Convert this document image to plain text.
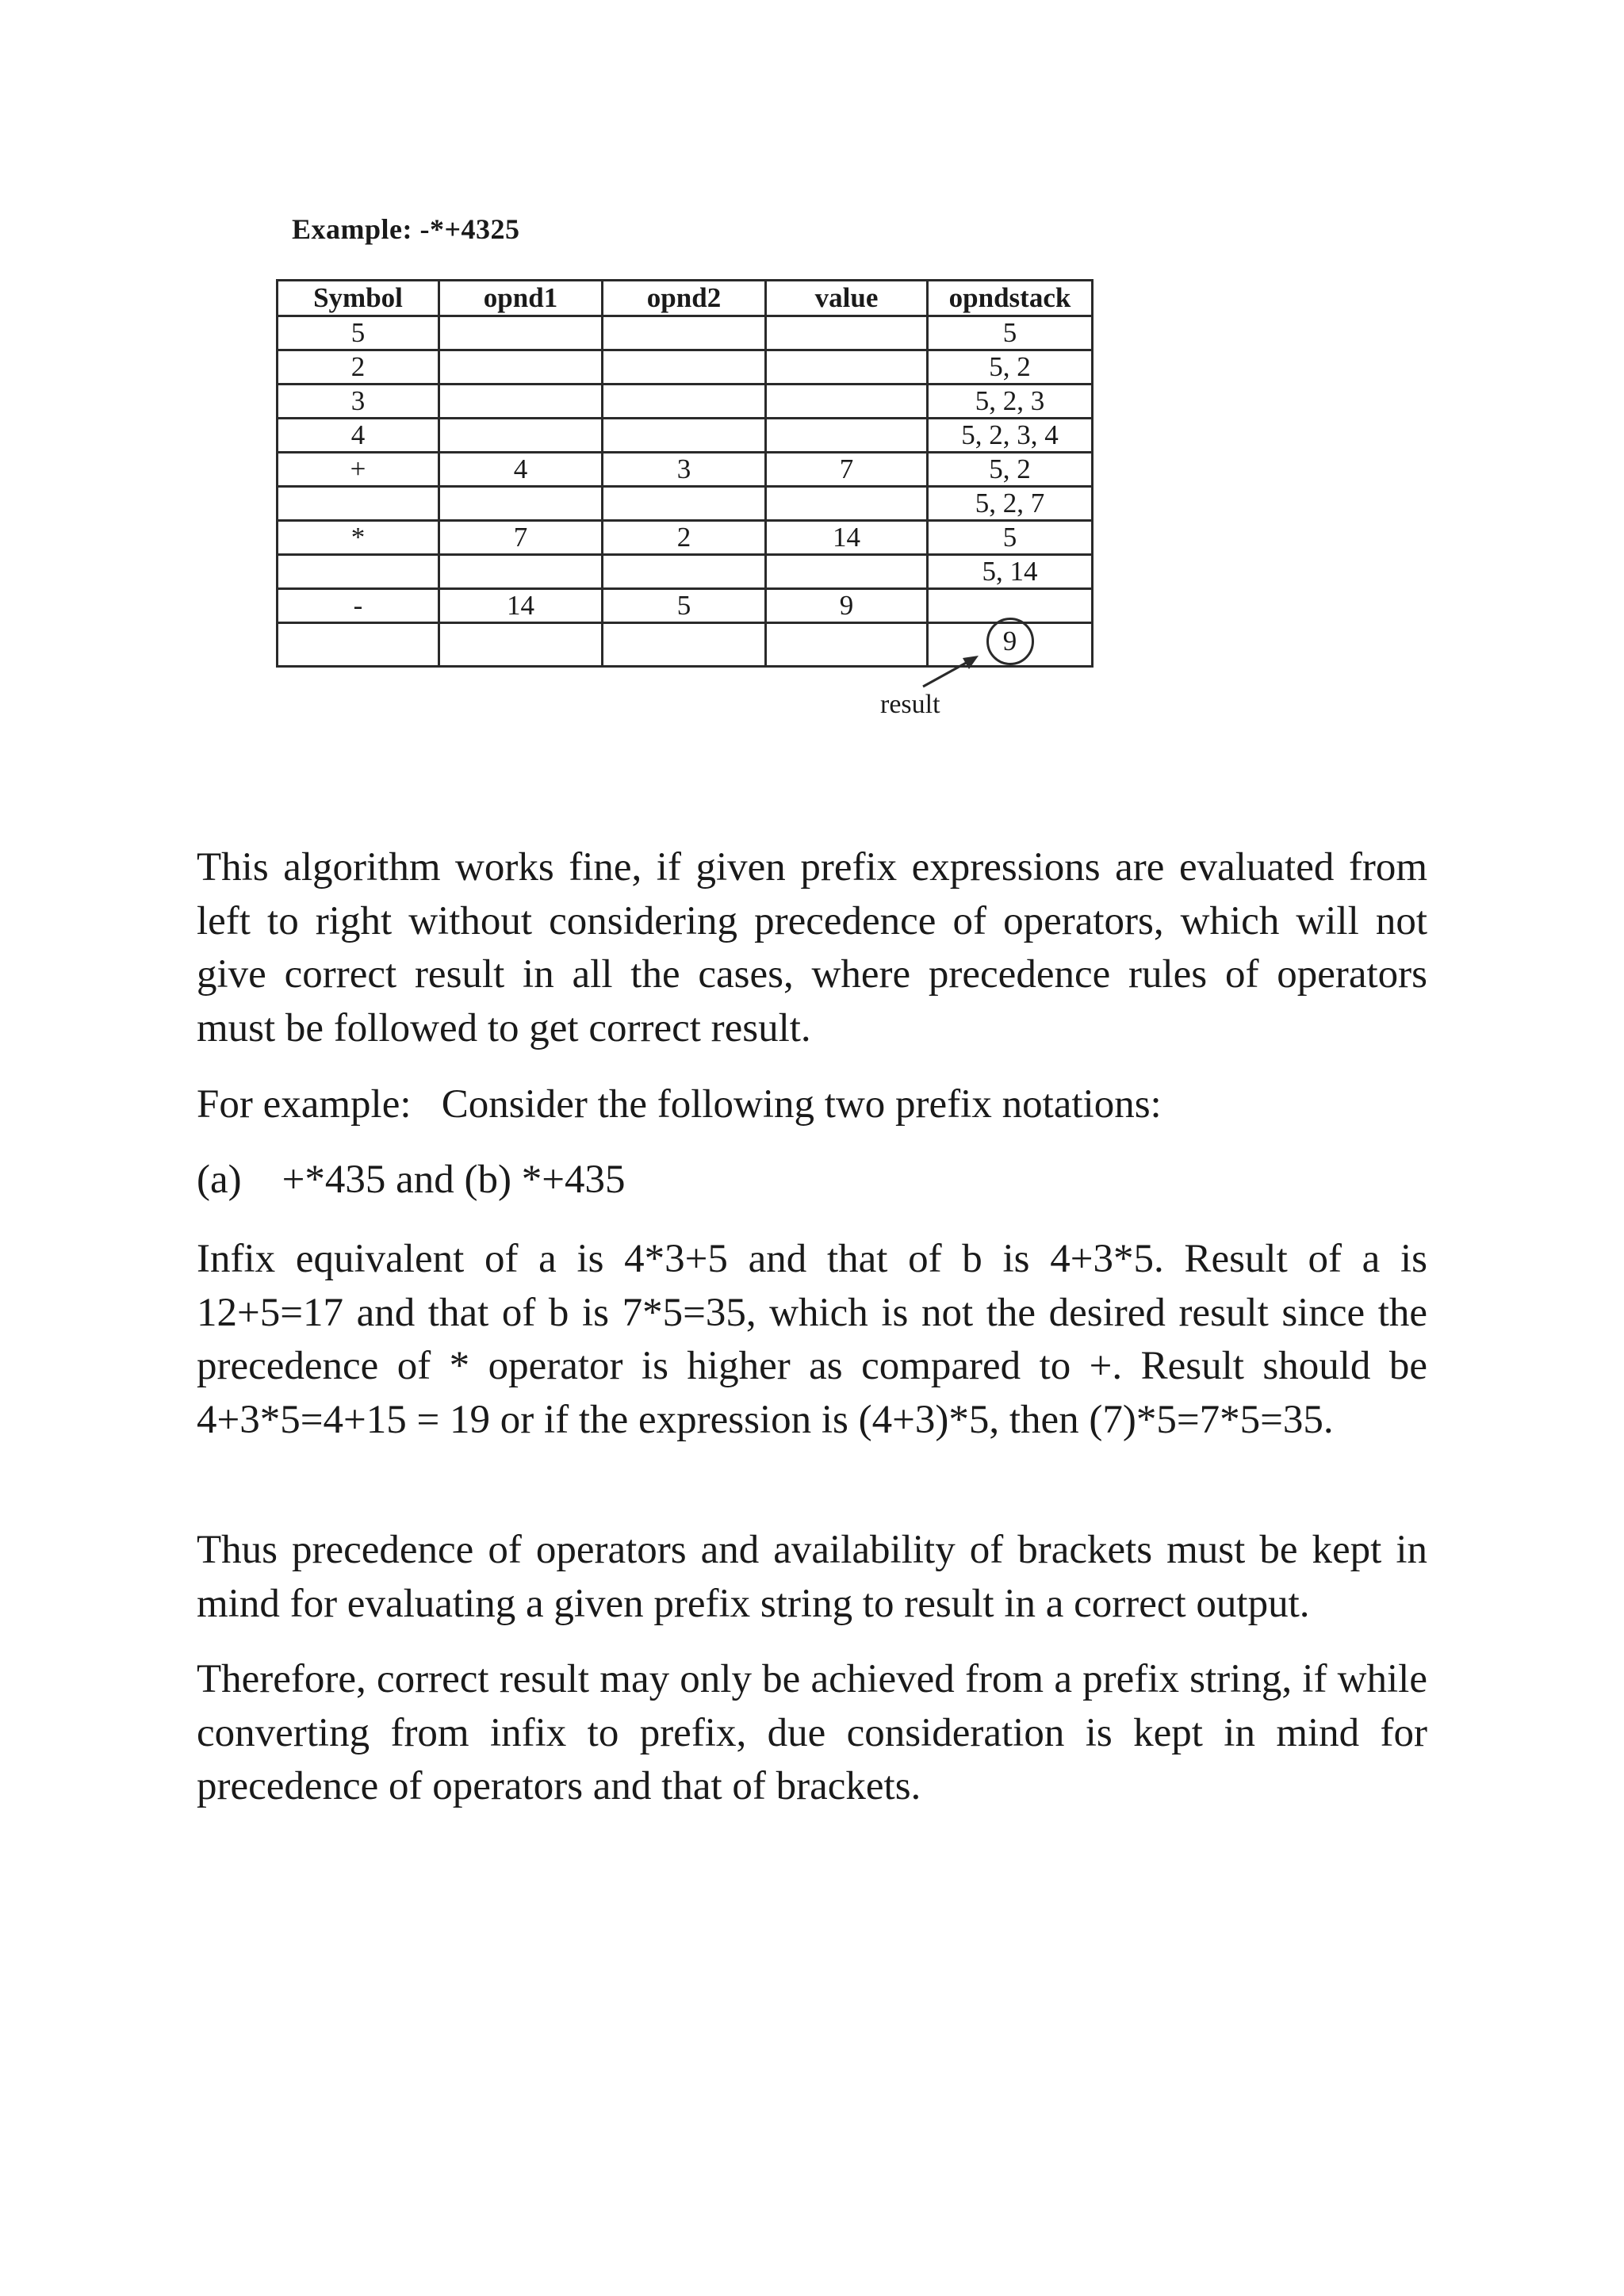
Example: -*+4325
Symbol	opnd1	opnd2	value	opndstack
5				5
2				5, 2
3				5, 2, 3
4				5, 2, 3, 4
+	4	3	7	5, 2
				5, 2, 7
*	7	2	14	5
				5, 14
-	14	5	9	
				9
result

This algorithm works fine, if given prefix expressions are evaluated from left to right without considering precedence of operators, which will not give correct result in all the cases, where precedence rules of operators must be followed to get correct result.

For example:   Consider the following two prefix notations:

(a)    +*435 and (b) *+435

Infix equivalent of a is 4*3+5 and that of b is 4+3*5. Result of a is 12+5=17 and that of b is 7*5=35, which is not the desired result since the precedence of * operator is higher as compared to +. Result should be 4+3*5=4+15 = 19 or if the expression is (4+3)*5, then (7)*5=7*5=35.

Thus precedence of operators and availability of brackets must be kept in mind for evaluating a given prefix string to result in a correct output.

Therefore, correct result may only be achieved from a prefix string, if while converting from infix to prefix, due consideration is kept in mind for precedence of operators and that of brackets.
